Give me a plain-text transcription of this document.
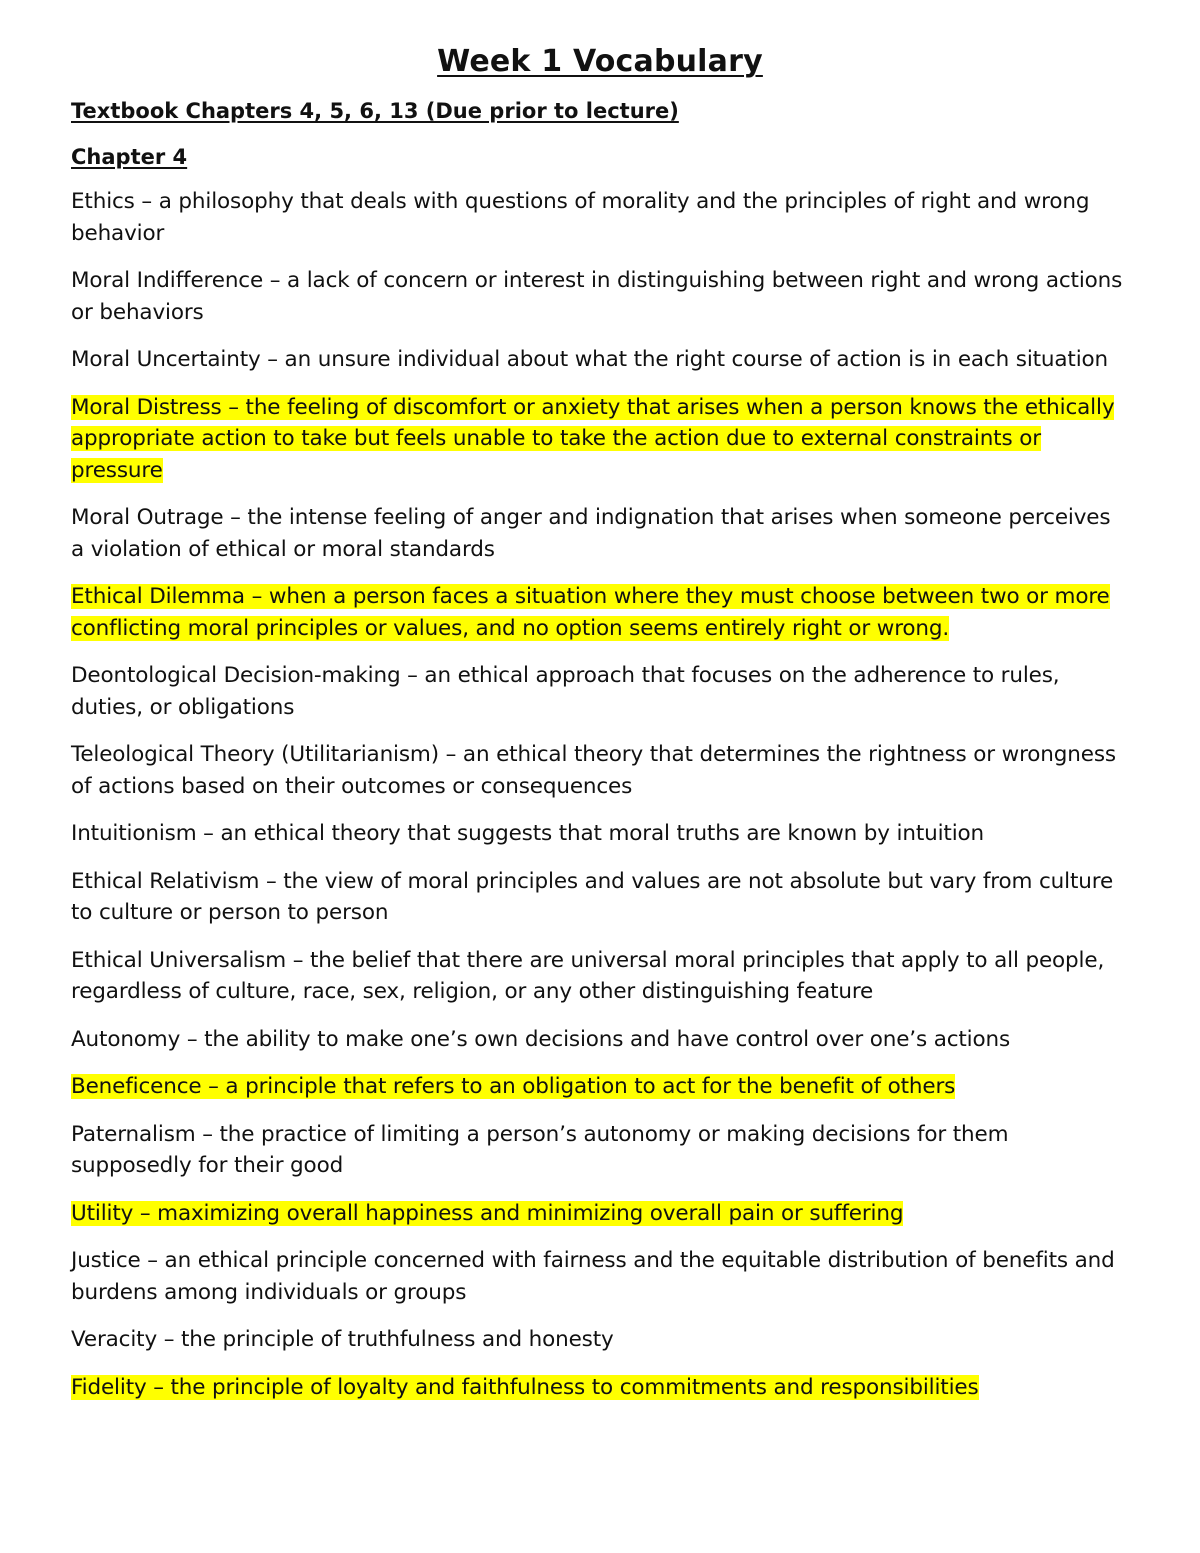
Week 1 Vocabulary

Textbook Chapters 4, 5, 6, 13 (Due prior to lecture)

Chapter 4

Ethics – a philosophy that deals with questions of morality and the principles of right and wrong behavior
Moral Indifference – a lack of concern or interest in distinguishing between right and wrong actions or behaviors
Moral Uncertainty – an unsure individual about what the right course of action is in each situation
Moral Distress – the feeling of discomfort or anxiety that arises when a person knows the ethically appropriate action to take but feels unable to take the action due to external constraints or pressure
Moral Outrage – the intense feeling of anger and indignation that arises when someone perceives a violation of ethical or moral standards
Ethical Dilemma – when a person faces a situation where they must choose between two or more conflicting moral principles or values, and no option seems entirely right or wrong.
Deontological Decision-making – an ethical approach that focuses on the adherence to rules, duties, or obligations
Teleological Theory (Utilitarianism) – an ethical theory that determines the rightness or wrongness of actions based on their outcomes or consequences
Intuitionism – an ethical theory that suggests that moral truths are known by intuition
Ethical Relativism – the view of moral principles and values are not absolute but vary from culture to culture or person to person
Ethical Universalism – the belief that there are universal moral principles that apply to all people, regardless of culture, race, sex, religion, or any other distinguishing feature
Autonomy – the ability to make one’s own decisions and have control over one’s actions
Beneficence – a principle that refers to an obligation to act for the benefit of others
Paternalism – the practice of limiting a person’s autonomy or making decisions for them supposedly for their good
Utility – maximizing overall happiness and minimizing overall pain or suffering
Justice – an ethical principle concerned with fairness and the equitable distribution of benefits and burdens among individuals or groups
Veracity – the principle of truthfulness and honesty
Fidelity – the principle of loyalty and faithfulness to commitments and responsibilities
